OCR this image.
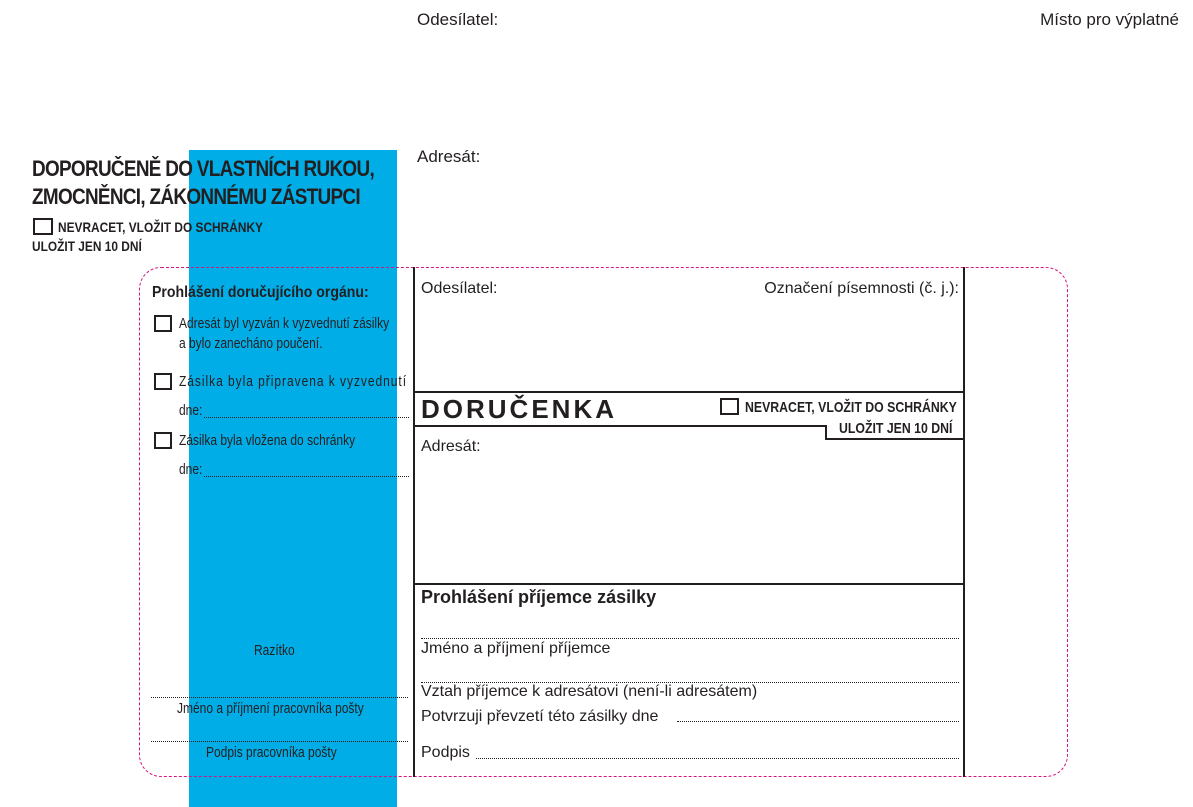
Odesílatel:	Místo pro výplatné
Adresát:
DOPORUČENĚ DO VLASTNÍCH RUKOU,
ZMOCNĚNCI, ZÁKONNÉMU ZÁSTUPCI
NEVRACET, VLOŽIT DO SCHRÁNKY
ULOŽIT JEN 10 DNÍ
Prohlášení doručujícího orgánu:
Adresát byl vyzván k vyzvednutí zásilky
a bylo zanecháno poučení.
Zásilka byla připravena k vyzvednutí
dne:
Zásilka byla vložena do schránky
dne:
Razítko
Jméno a příjmení pracovníka pošty
Podpis pracovníka pošty
Odesílatel:	Označení písemnosti (č. j.):
DORUČENKA	NEVRACET, VLOŽIT DO SCHRÁNKY
ULOŽIT JEN 10 DNÍ
Adresát:
Prohlášení příjemce zásilky
Jméno a příjmení příjemce
Vztah příjemce k adresátovi (není-li adresátem)
Potvrzuji převzetí této zásilky dne
Podpis
